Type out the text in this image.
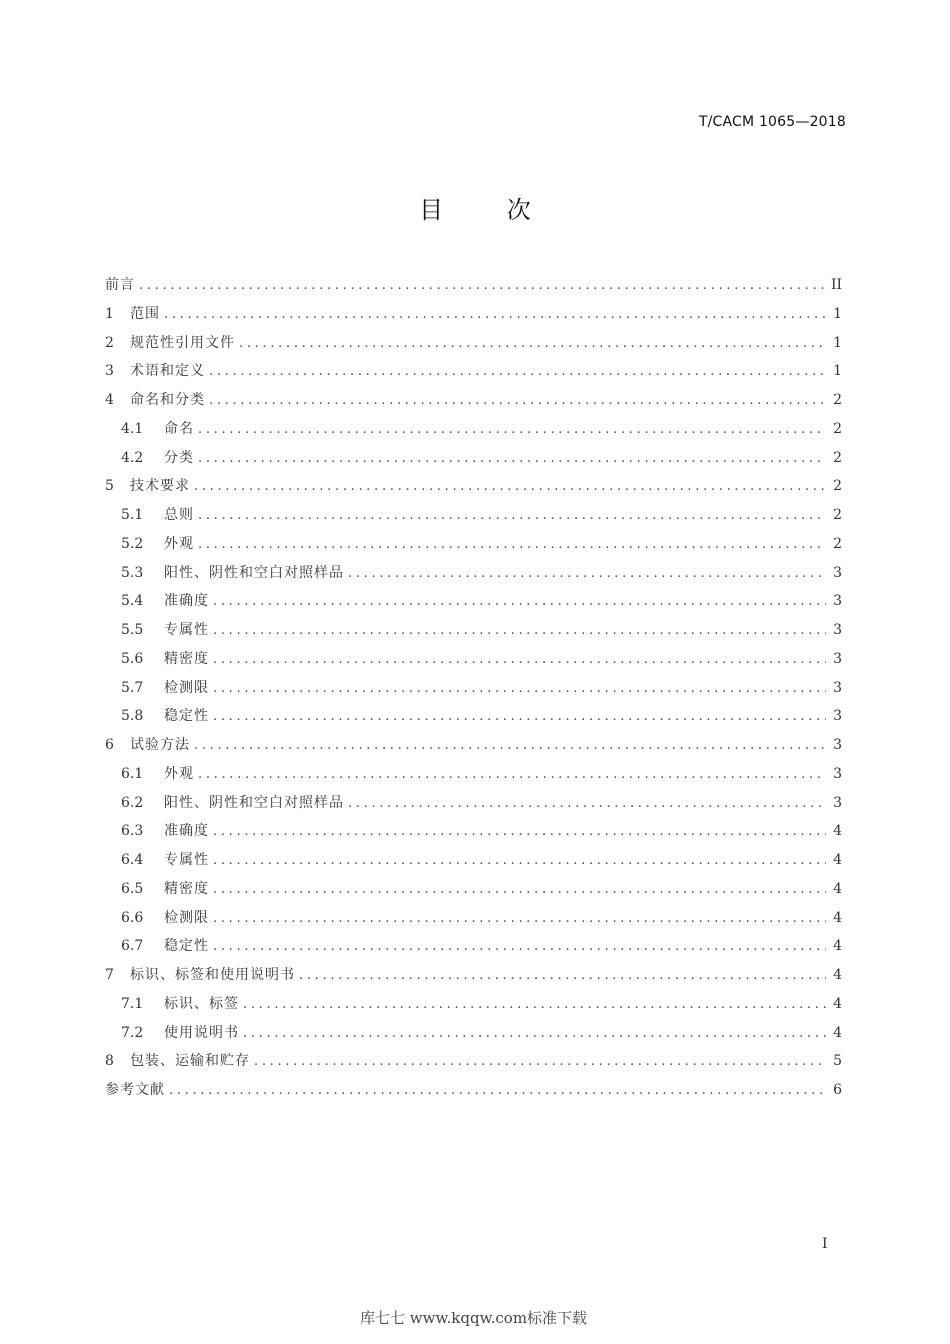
T/CACM 1065—2018
目 次
前言 .....	II
1	范围 .....	1
2	规范性引用文件 .....	1
3	术语和定义 .....	1
4	命名和分类 .....	2
4.1	命名 .....	2
4.2	分类 .....	2
5	技术要求 .....	2
5.1	总则 .....	2
5.2	外观 .....	2
5.3	阳性、阴性和空白对照样品 .....	3
5.4	准确度 .....	3
5.5	专属性 .....	3
5.6	精密度 .....	3
5.7	检测限 .....	3
5.8	稳定性 .....	3
6	试验方法 .....	3
6.1	外观 .....	3
6.2	阳性、阴性和空白对照样品 .....	3
6.3	准确度 .....	4
6.4	专属性 .....	4
6.5	精密度 .....	4
6.6	检测限 .....	4
6.7	稳定性 .....	4
7	标识、标签和使用说明书 .....	4
7.1	标识、标签 .....	4
7.2	使用说明书 .....	4
8	包装、运输和贮存 .....	5
参考文献 .....	6
I
库七七 www.kqqw.com标准下载
